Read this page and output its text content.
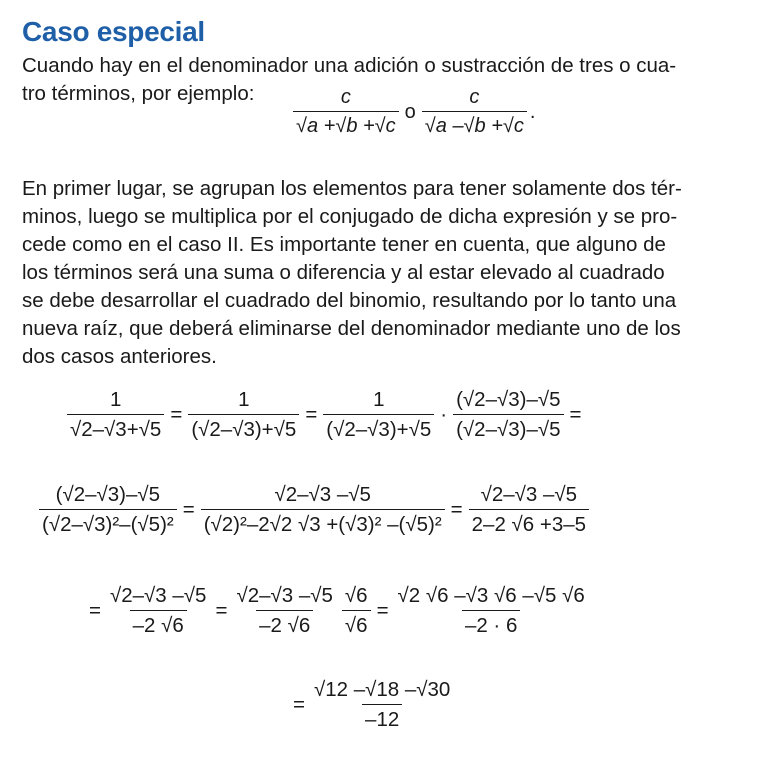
Caso especial

Cuando hay en el denominador una adición o sustracción de tres o cua-
tro términos, por ejemplo:	$\frac{c}{√a +√b +√c}$ o $\frac{c}{√a -√b +√c}$ .

En primer lugar, se agrupan los elementos para tener solamente dos tér-
minos, luego se multiplica por el conjugado de dicha expresión y se pro-
cede como en el caso II. Es importante tener en cuenta, que alguno de
los términos será una suma o diferencia y al estar elevado al cuadrado
se debe desarrollar el cuadrado del binomio, resultando por lo tanto una
nueva raíz, que deberá eliminarse del denominador mediante uno de los
dos casos anteriores.

$\frac{1}{√2-√3+√5} = \frac{1}{(√2-√3)+√5} = \frac{1}{(√2-√3)+√5} \cdot \frac{(√2-√3)-√5}{(√2-√3)-√5}$ =
$\frac{(√2-√3)-√5}{\text{(√2–√3)²–(√5)²}} = \frac{√2-√3 -√5}{\text{(√2)²–2√2 √3 +(√3)² –(√5)²}} = \frac{√2-√3 -√5}{2-2 √6 +3-5}$
= $\frac{√2-√3 -√5}{-2 √6} = \frac{√2-√3 -√5}{-2 √6} \frac{√6}{√6} = \frac{√2 √6 -√3 √6 -√5 √6}{-2 \cdot 6}$
= $\frac{√12 -√18 -√30}{-12}$
